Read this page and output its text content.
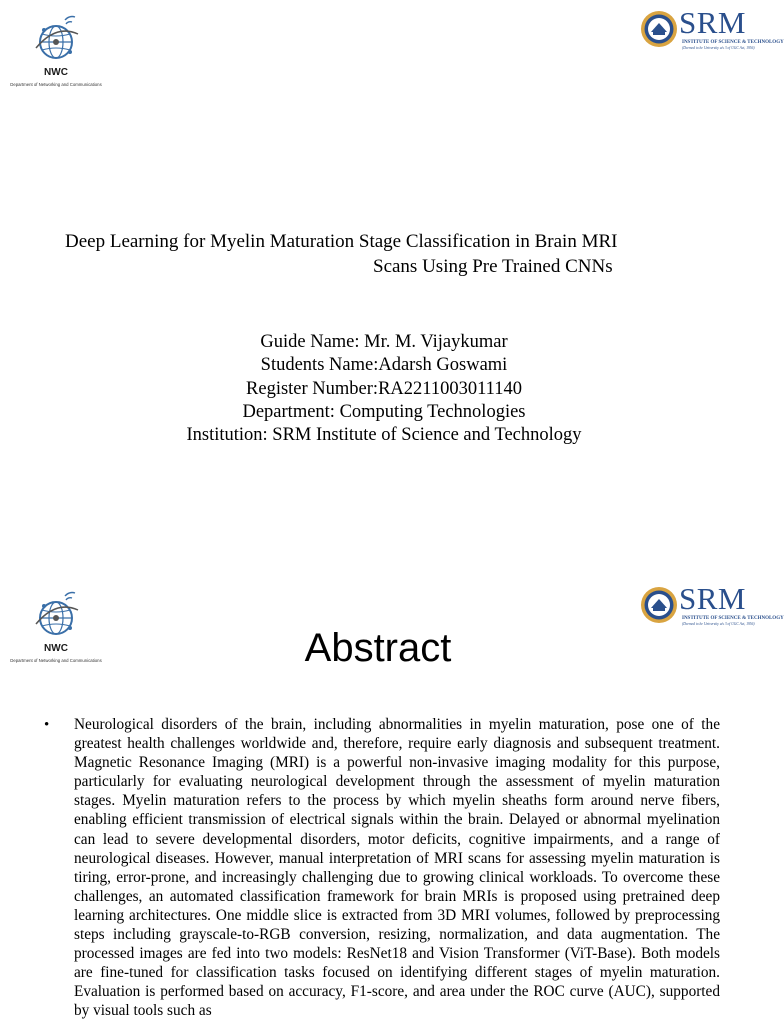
NWC
Department of Networking and Communications
SRM
INSTITUTE OF SCIENCE & TECHNOLOGY
(Deemed to be University u/s 3 of UGC Act, 1956)
Deep Learning for Myelin Maturation Stage Classification in Brain MRI
Scans Using Pre Trained CNNs
Guide Name: Mr. M. Vijaykumar
Students Name:Adarsh Goswami
Register Number:RA2211003011140
Department: Computing Technologies
Institution: SRM Institute of Science and Technology
NWC
Department of Networking and Communications
SRM
INSTITUTE OF SCIENCE & TECHNOLOGY
(Deemed to be University u/s 3 of UGC Act, 1956)
Abstract
• Neurological disorders of the brain, including abnormalities in myelin maturation, pose one of the greatest health challenges worldwide and, therefore, require early diagnosis and subsequent treatment. Magnetic Resonance Imaging (MRI) is a powerful non-invasive imaging modality for this purpose, particularly for evaluating neurological development through the assessment of myelin maturation stages. Myelin maturation refers to the process by which myelin sheaths form around nerve fibers, enabling efficient transmission of electrical signals within the brain. Delayed or abnormal myelination can lead to severe developmental disorders, motor deficits, cognitive impairments, and a range of neurological diseases. However, manual interpretation of MRI scans for assessing myelin maturation is tiring, error-prone, and increasingly challenging due to growing clinical workloads. To overcome these challenges, an automated classification framework for brain MRIs is proposed using pretrained deep learning architectures. One middle slice is extracted from 3D MRI volumes, followed by preprocessing steps including grayscale-to-RGB conversion, resizing, normalization, and data augmentation. The processed images are fed into two models: ResNet18 and Vision Transformer (ViT-Base). Both models are fine-tuned for classification tasks focused on identifying different stages of myelin maturation. Evaluation is performed based on accuracy, F1-score, and area under the ROC curve (AUC), supported by visual tools such as
